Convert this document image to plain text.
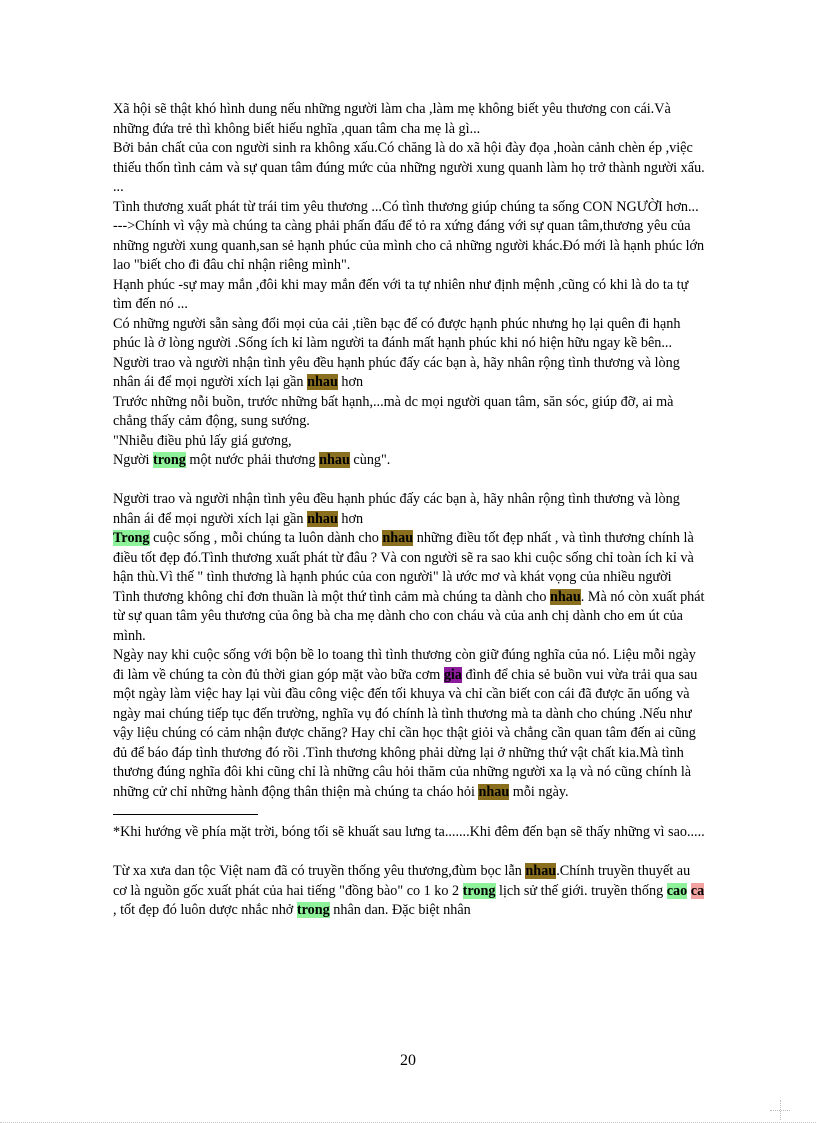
Xã hội sẽ thật khó hình dung nếu những người làm cha ,làm mẹ không biết yêu thương con cái.Và những đứa trẻ thì không biết hiếu nghĩa ,quan tâm cha mẹ là gì...

Bởi bản chất của con người sinh ra không xấu.Có chăng là do xã hội đày đọa ,hoàn cảnh chèn ép ,việc thiếu thốn tình cảm và sự quan tâm đúng mức của những người xung quanh làm họ trở thành người xấu.

...

Tình thương xuất phát từ trái tim yêu thương ...Có tình thương giúp chúng ta sống CON NGƯỜI hơn...

--->Chính vì vậy mà chúng ta càng phải phấn đấu để tỏ ra xứng đáng với sự quan tâm,thương yêu của những người xung quanh,san sẻ hạnh phúc của mình cho cả những người khác.Đó mới là hạnh phúc lớn lao "biết cho đi đâu chỉ nhận riêng mình".

Hạnh phúc -sự may mắn ,đôi khi may mắn đến với ta tự nhiên như định mệnh ,cũng có khi là do ta tự tìm đến nó ...

Có những người sẵn sàng đổi mọi của cải ,tiền bạc để có được hạnh phúc nhưng họ lại quên đi hạnh phúc là ở lòng người .Sống ích kỉ làm người ta đánh mất hạnh phúc khi nó hiện hữu ngay kề bên...

Người trao và người nhận tình yêu đều hạnh phúc đấy các bạn à, hãy nhân rộng tình thương và lòng nhân ái để mọi người xích lại gần nhau hơn

Trước những nỗi buồn, trước những bất hạnh,...mà dc mọi người quan tâm, săn sóc, giúp đỡ, ai mà chẳng thấy cảm động, sung sướng.

"Nhiễu điều phủ lấy giá gương,

Người trong một nước phải thương nhau cùng".

Người trao và người nhận tình yêu đều hạnh phúc đấy các bạn à, hãy nhân rộng tình thương và lòng nhân ái để mọi người xích lại gần nhau hơn

Trong cuộc sống , mỗi chúng ta luôn dành cho nhau những điều tốt đẹp nhất , và tình thương chính là điều tốt đẹp đó.Tình thương xuất phát từ đâu ? Và con người sẽ ra sao khi cuộc sống chỉ toàn ích kỉ và hận thù.Vì thế " tình thương là hạnh phúc của con người" là ước mơ và khát vọng của nhiều người

Tình thương không chỉ đơn thuần là một thứ tình cảm mà chúng ta dành cho nhau. Mà nó còn xuất phát từ sự quan tâm yêu thương của ông bà cha mẹ dành cho con cháu và của anh chị dành cho em út của mình.

Ngày nay khi cuộc sống với bộn bề lo toang thì tình thương còn giữ đúng nghĩa của nó. Liệu mỗi ngày đi làm về chúng ta còn đủ thời gian góp mặt vào bữa cơm gia đình để chia sẻ buồn vui vừa trải qua sau một ngày làm việc hay lại vùi đầu công việc đến tối khuya và chỉ cần biết con cái đã được ăn uống và ngày mai chúng tiếp tục đến trường, nghĩa vụ đó chính là tình thương mà ta dành cho chúng .Nếu như vậy liệu chúng có cảm nhận được chăng? Hay chỉ cần học thật giỏi và chẳng cần quan tâm đến ai cũng đủ để báo đáp tình thương đó rồi .Tình thương không phải dừng lại ở những thứ vật chất kia.Mà tình thương đúng nghĩa đôi khi cũng chỉ là những câu hỏi thăm của những người xa lạ và nó cũng chính là những cử chỉ những hành động thân thiện mà chúng ta cháo hỏi nhau mỗi ngày.

*Khi hướng về phía mặt trời, bóng tối sẽ khuất sau lưng ta.......Khi đêm đến bạn sẽ thấy những vì sao.....

Từ xa xưa dan tộc Việt nam đã có truyền thống yêu thương,đùm bọc lẫn nhau.Chính truyền thuyết au cơ là nguồn gốc xuất phát của hai tiếng "đồng bào" co 1 ko 2 trong lịch sử thế giới. truyền thống cao ca , tốt đẹp đó luôn dược nhắc nhở trong nhân dan. Đặc biệt nhân

20
